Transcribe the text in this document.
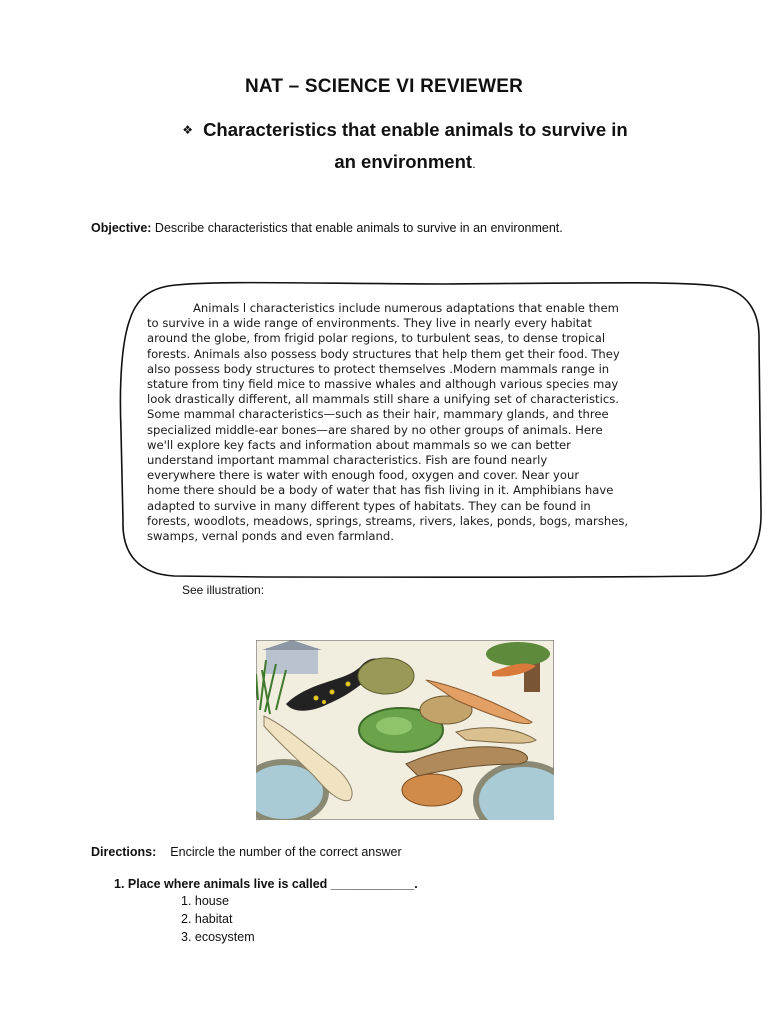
NAT – SCIENCE VI REVIEWER
❖ Characteristics that enable animals to survive in
an environment.
Objective: Describe characteristics that enable animals to survive in an environment.
Animals l characteristics include numerous adaptations that enable them
to survive in a wide range of environments. They live in nearly every habitat
around the globe, from frigid polar regions, to turbulent seas, to dense tropical
forests. Animals also possess body structures that help them get their food. They
also possess body structures to protect themselves .Modern mammals range in
stature from tiny field mice to massive whales and although various species may
look drastically different, all mammals still share a unifying set of characteristics.
Some mammal characteristics—such as their hair, mammary glands, and three
specialized middle-ear bones—are shared by no other groups of animals. Here
we'll explore key facts and information about mammals so we can better
understand important mammal characteristics. Fish are found nearly
everywhere there is water with enough food, oxygen and cover. Near your
home there should be a body of water that has fish living in it. Amphibians have
adapted to survive in many different types of habitats. They can be found in
forests, woodlots, meadows, springs, streams, rivers, lakes, ponds, bogs, marshes,
swamps, vernal ponds and even farmland.
See illustration:
Directions: Encircle the number of the correct answer
1. Place where animals live is called ____________.
1. house
2. habitat
3. ecosystem
